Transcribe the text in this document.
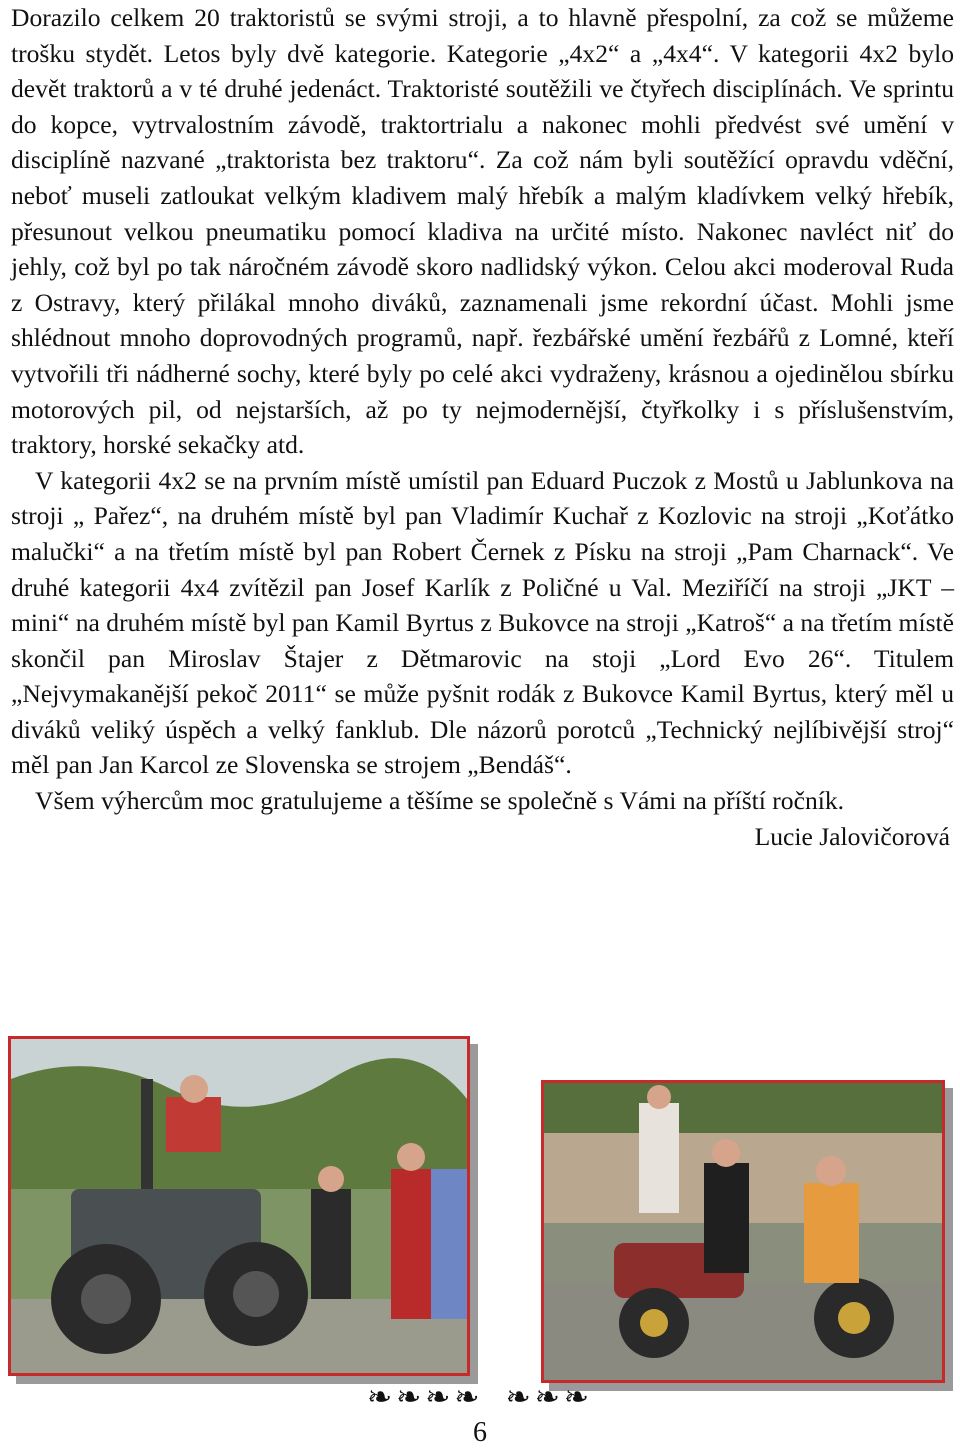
Dorazilo celkem 20 traktoristů se svými stroji, a to hlavně přespolní, za což se můžeme trošku stydět. Letos byly dvě kategorie. Kategorie „4x2“ a „4x4“. V kategorii 4x2 bylo devět traktorů a v té druhé jedenáct. Traktoristé soutěžili ve čtyřech disciplínách. Ve sprintu do kopce, vytrvalostním závodě, traktortrialu a nakonec mohli předvést své umění v disciplíně nazvané „traktorista bez traktoru“. Za což nám byli soutěžící opravdu vděční, neboť museli zatloukat velkým kladivem malý hřebík a malým kladívkem velký hřebík, přesunout velkou pneumatiku pomocí kladiva na určité místo. Nakonec navléct niť do jehly, což byl po tak náročném závodě skoro nadlidský výkon. Celou akci moderoval Ruda z Ostravy, který přilákal mnoho diváků, zaznamenali jsme rekordní účast. Mohli jsme shlédnout mnoho doprovodných programů, např. řezbářské umění řezbářů z Lomné, kteří vytvořili tři nádherné sochy, které byly po celé akci vydraženy, krásnou a ojedinělou sbírku motorových pil, od nejstarších, až po ty nejmodernější, čtyřkolky i s příslušenstvím, traktory, horské sekačky atd.

V kategorii 4x2 se na prvním místě umístil pan Eduard Puczok z Mostů u Jablunkova na stroji „ Pařez“, na druhém místě byl pan Vladimír Kuchař z Kozlovic na stroji „Koťátko malučki“ a na třetím místě byl pan Robert Černek z Písku na stroji „Pam Charnack“. Ve druhé kategorii 4x4 zvítězil pan Josef Karlík z Poličné u Val. Meziříčí na stroji „JKT – mini“ na druhém místě byl pan Kamil Byrtus z Bukovce na stroji „Katroš“ a na třetím místě skončil pan Miroslav Štajer z Dětmarovic na stoji „Lord Evo 26“. Titulem „Nejvymakanější pekoč 2011“ se může pyšnit rodák z Bukovce Kamil Byrtus, který měl u diváků veliký úspěch a velký fanklub. Dle názorů porotců „Technický nejlíbivější stroj“ měl pan Jan Karcol ze Slovenska se strojem „Bendáš“.

Všem výhercům moc gratulujeme a těšíme se společně s Vámi na příští ročník.

Lucie Jalovičorová

❧❧❧❧ ❧❧❧
6
